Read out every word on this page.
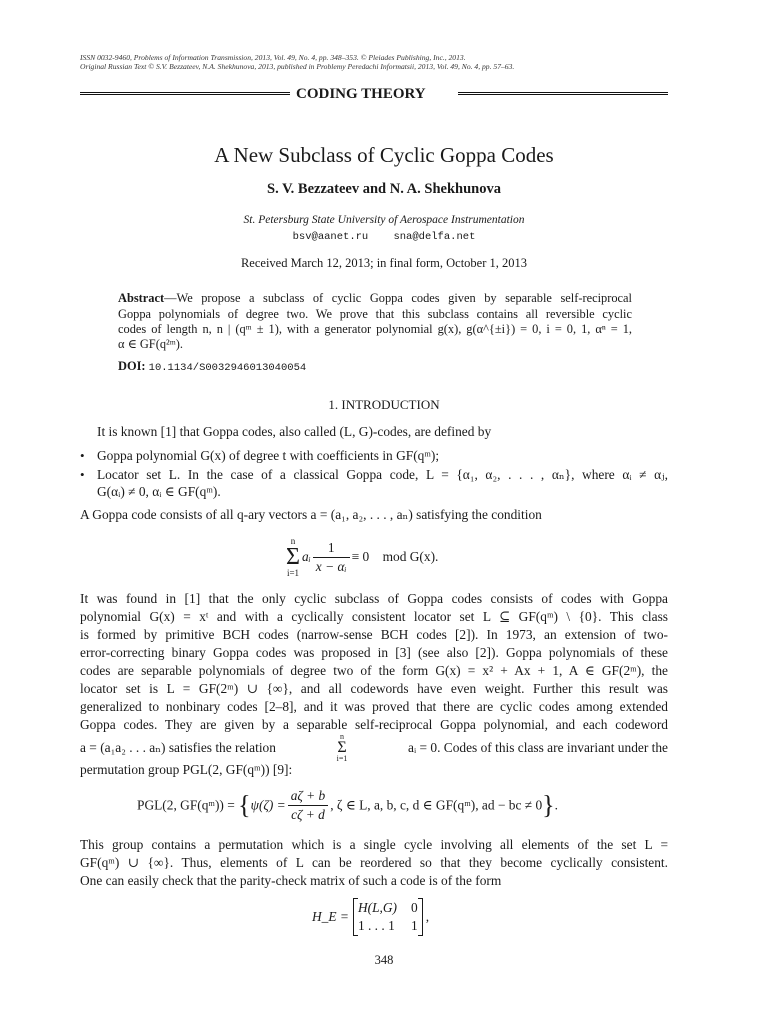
ISSN 0032-9460, Problems of Information Transmission, 2013, Vol. 49, No. 4, pp. 348–353. © Pleiades Publishing, Inc., 2013.
Original Russian Text © S.V. Bezzateev, N.A. Shekhunova, 2013, published in Problemy Peredachi Informatsii, 2013, Vol. 49, No. 4, pp. 57–63.
CODING THEORY
A New Subclass of Cyclic Goppa Codes
S. V. Bezzateev and N. A. Shekhunova
St. Petersburg State University of Aerospace Instrumentation
bsv@aanet.ru sna@delfa.net
Received March 12, 2013; in final form, October 1, 2013
Abstract—We propose a subclass of cyclic Goppa codes given by separable self-reciprocal
Goppa polynomials of degree two. We prove that this subclass contains all reversible cyclic
codes of length n, n | (qᵐ ± 1), with a generator polynomial g(x), g(α^{±i}) = 0, i = 0, 1, αⁿ = 1,
α ∈ GF(q²ᵐ).
DOI: 10.1134/S0032946013040054
1. INTRODUCTION
It is known [1] that Goppa codes, also called (L, G)-codes, are defined by
• Goppa polynomial G(x) of degree t with coefficients in GF(qᵐ);
• Locator set L. In the case of a classical Goppa code, L = {α₁, α₂, . . . , αₙ}, where αᵢ ≠ αⱼ,
G(αᵢ) ≠ 0, αᵢ ∈ GF(qᵐ).
A Goppa code consists of all q-ary vectors a = (a₁, a₂, . . . , aₙ) satisfying the condition
n
Σ
i=1
aᵢ $\frac{1}{\text{x − αᵢ}} \equiv 0$    mod G(x).
It was found in [1] that the only cyclic subclass of Goppa codes consists of codes with Goppa
polynomial G(x) = xᵗ and with a cyclically consistent locator set L ⊆ GF(qᵐ) \ {0}. This class
is formed by primitive BCH codes (narrow-sense BCH codes [2]). In 1973, an extension of two-
error-correcting binary Goppa codes was proposed in [3] (see also [2]). Goppa polynomials of these
codes are separable polynomials of degree two of the form G(x) = x² + Ax + 1, A ∈ GF(2ᵐ), the
locator set is L = GF(2ᵐ) ∪ {∞}, and all codewords have even weight. Further this result was
generalized to nonbinary codes [2–8], and it was proved that there are cyclic codes among extended
Goppa codes. They are given by a separable self-reciprocal Goppa polynomial, and each codeword
a = (a₁a₂ . . . aₙ) satisfies the relation
n
Σ
i=1
aᵢ = 0. Codes of this class are invariant under the
permutation group PGL(2, GF(qᵐ)) [9]:
PGL(2, GF(qᵐ)) = {$\psi(\zeta) = \frac{a\zeta + b}{c\zeta + d}$ , ζ ∈ L, a, b, c, d ∈ GF(qᵐ), ad − bc ≠ 0}.
This group contains a permutation which is a single cycle involving all elements of the set L =
GF(qᵐ) ∪ {∞}. Thus, elements of L can be reordered so that they become cyclically consistent.
One can easily check that the parity-check matrix of such a code is of the form
H_E =
H(L,G) 0
1 . . . 1 1
,
348
